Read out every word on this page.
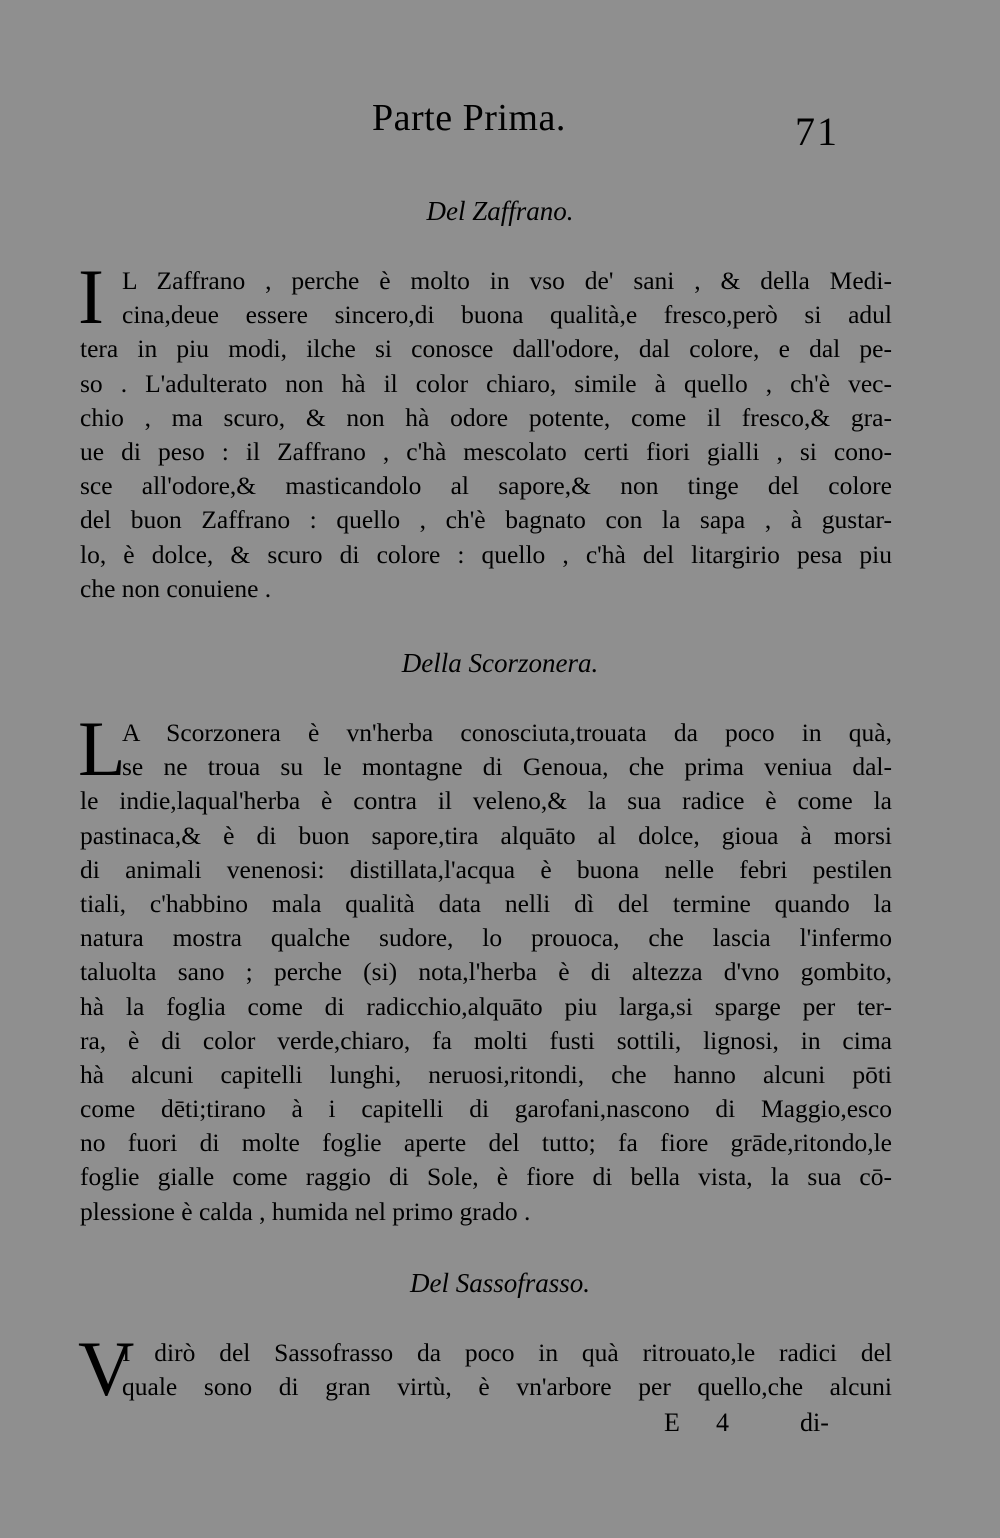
Parte Prima.	71
Del Zaffrano.
I L Zaffrano , perche è molto in vso de' sani , & della Medi-
cina,deue essere sincero,di buona qualità,e fresco,però si adul
tera in piu modi, ilche si conosce dall'odore, dal colore, e dal pe-
so . L'adulterato non hà il color chiaro, simile à quello , ch'è vec-
chio , ma scuro, & non hà odore potente, come il fresco,& gra-
ue di peso : il Zaffrano , c'hà mescolato certi fiori gialli , si cono-
sce all'odore,& masticandolo al sapore,& non tinge del colore
del buon Zaffrano : quello , ch'è bagnato con la sapa , à gustar-
lo, è dolce, & scuro di colore : quello , c'hà del litargirio pesa piu
che non conuiene .
Della Scorzonera.
L
A Scorzonera è vn'herba conosciuta,trouata da poco in quà,
se ne troua su le montagne di Genoua, che prima veniua dal-
le indie,laqual'herba è contra il veleno,& la sua radice è come la
pastinaca,& è di buon sapore,tira alquāto al dolce, gioua à morsi
di animali venenosi: distillata,l'acqua è buona nelle febri pestilen
tiali, c'habbino mala qualità data nelli dì del termine quando la
natura mostra qualche sudore, lo prouoca, che lascia l'infermo
taluolta sano ; perche (si) nota,l'herba è di altezza d'vno gombito,
hà la foglia come di radicchio,alquāto piu larga,si sparge per ter-
ra, è di color verde,chiaro, fa molti fusti sottili, lignosi, in cima
hà alcuni capitelli lunghi, neruosi,ritondi, che hanno alcuni pōti
come dēti;tirano à i capitelli di garofani,nascono di Maggio,esco
no fuori di molte foglie aperte del tutto; fa fiore grāde,ritondo,le
foglie gialle come raggio di Sole, è fiore di bella vista, la sua cō-
plessione è calda , humida nel primo grado .
Del Sassofrasso.
V
I dirò del Sassofrasso da poco in quà ritrouato,le radici del
quale sono di gran virtù, è vn'arbore per quello,che alcuni
E 4	di-
